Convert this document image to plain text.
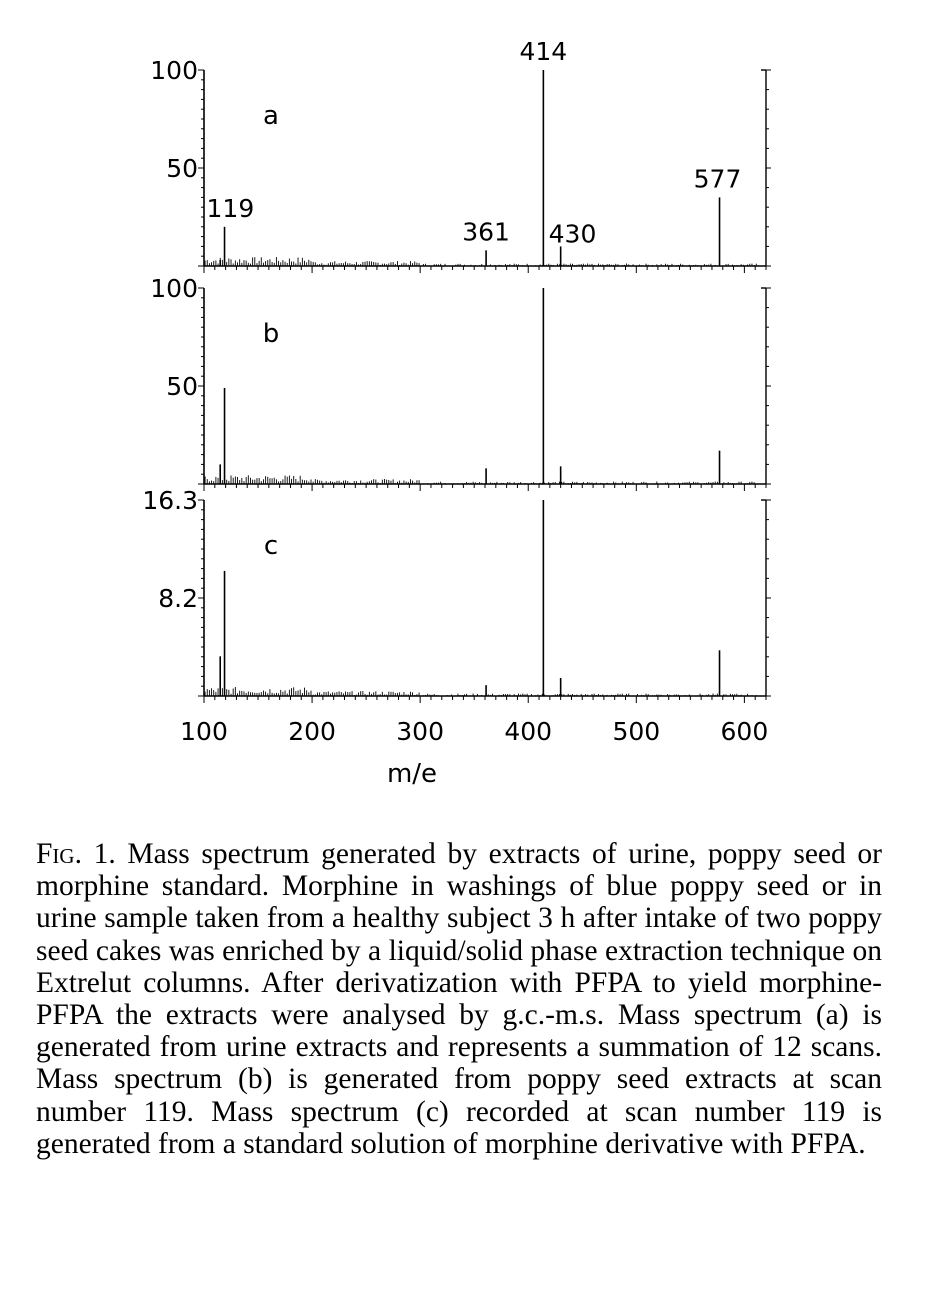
100
50
a
119
361
414
430
577
100
50
b
16.3
8.2
c
100 200 300 400 500 600
m/e

Fig. 1. Mass spectrum generated by extracts of urine, poppy seed or morphine standard. Morphine in washings of blue poppy seed or in urine sample taken from a healthy subject 3 h after intake of two poppy seed cakes was enriched by a liquid/solid phase extraction technique on Extrelut columns. After derivatization with PFPA to yield morphine-PFPA the extracts were analysed by g.c.-m.s. Mass spectrum (a) is generated from urine extracts and represents a summation of 12 scans. Mass spectrum (b) is generated from poppy seed extracts at scan number 119. Mass spectrum (c) recorded at scan number 119 is generated from a standard solution of morphine derivative with PFPA.
